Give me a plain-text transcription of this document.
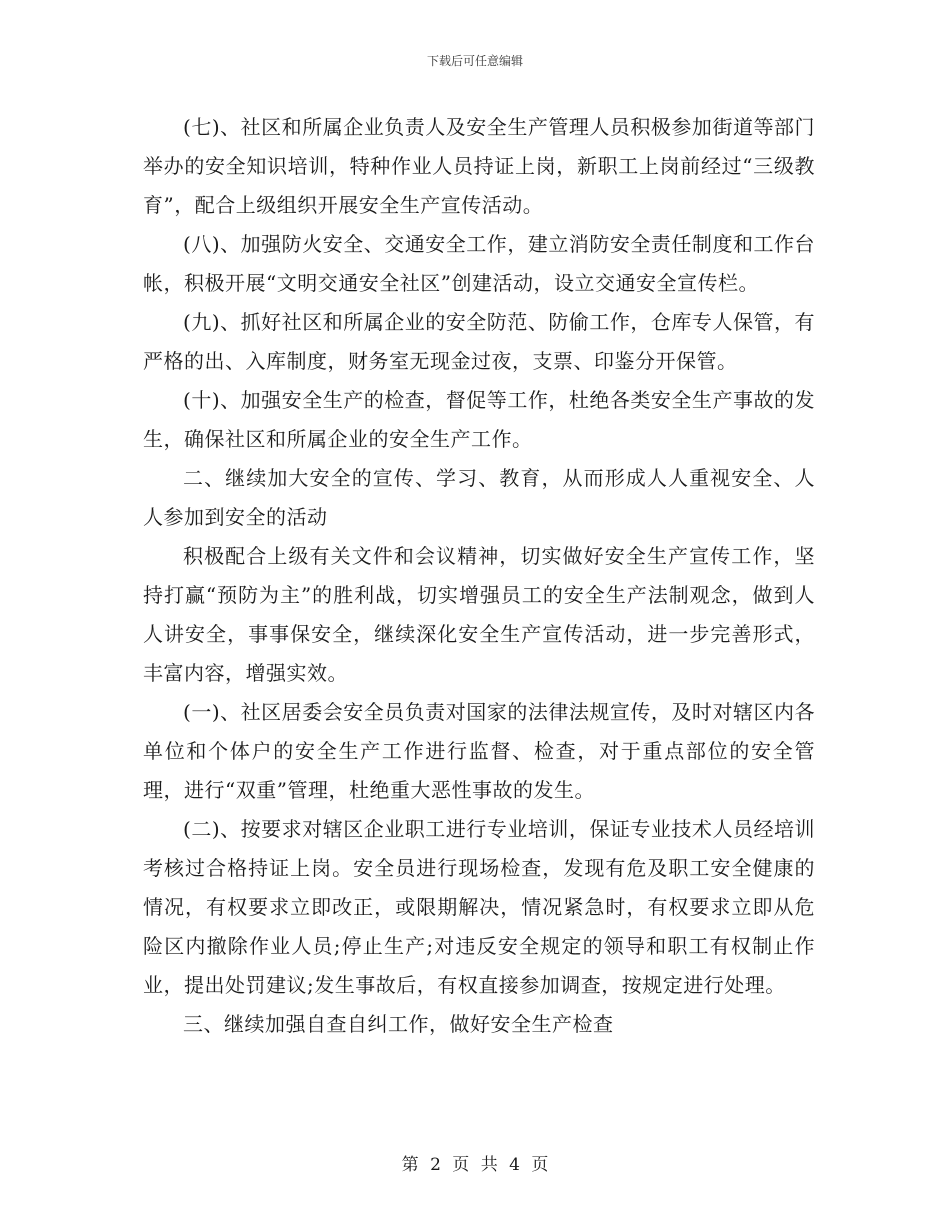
下载后可任意编辑

(七)、社区和所属企业负责人及安全生产管理人员积极参加街道等部门举办的安全知识培训，特种作业人员持证上岗，新职工上岗前经过“三级教育”，配合上级组织开展安全生产宣传活动。

(八)、加强防火安全、交通安全工作，建立消防安全责任制度和工作台帐，积极开展“文明交通安全社区”创建活动，设立交通安全宣传栏。

(九)、抓好社区和所属企业的安全防范、防偷工作，仓库专人保管，有严格的出、入库制度，财务室无现金过夜，支票、印鉴分开保管。

(十)、加强安全生产的检查，督促等工作，杜绝各类安全生产事故的发生，确保社区和所属企业的安全生产工作。

二、继续加大安全的宣传、学习、教育，从而形成人人重视安全、人人参加到安全的活动

积极配合上级有关文件和会议精神，切实做好安全生产宣传工作，坚持打赢“预防为主”的胜利战，切实增强员工的安全生产法制观念，做到人人讲安全，事事保安全，继续深化安全生产宣传活动，进一步完善形式，丰富内容，增强实效。

(一)、社区居委会安全员负责对国家的法律法规宣传，及时对辖区内各单位和个体户的安全生产工作进行监督、检查，对于重点部位的安全管理，进行“双重”管理，杜绝重大恶性事故的发生。

(二)、按要求对辖区企业职工进行专业培训，保证专业技术人员经培训考核过合格持证上岗。安全员进行现场检查，发现有危及职工安全健康的情况，有权要求立即改正，或限期解决，情况紧急时，有权要求立即从危险区内撤除作业人员;停止生产;对违反安全规定的领导和职工有权制止作业，提出处罚建议;发生事故后，有权直接参加调查，按规定进行处理。

三、继续加强自查自纠工作，做好安全生产检查

第 2 页 共 4 页
